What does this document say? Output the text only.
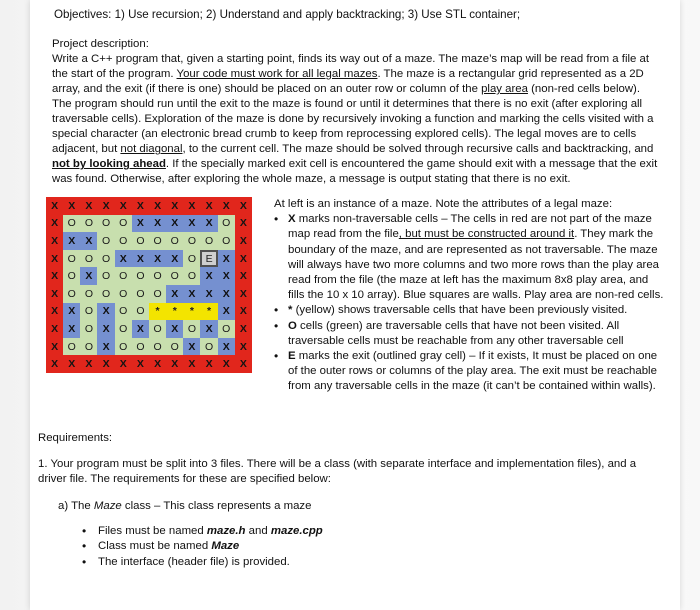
Objectives: 1) Use recursion; 2) Understand and apply backtracking; 3) Use STL container;
Project description:
Write a C++ program that, given a starting point, finds its way out of a maze. The maze’s map will be read from a file at
the start of the program. Your code must work for all legal mazes. The maze is a rectangular grid represented as a 2D
array, and the exit (if there is one) should be placed on an outer row or column of the play area (non-red cells below).
The program should run until the exit to the maze is found or until it determines that there is no exit (after exploring all
traversable cells). Exploration of the maze is done by recursively invoking a function and marking the cells visited with a
special character (an electronic bread crumb to keep from reprocessing explored cells). The legal moves are to cells
adjacent, but not diagonal, to the current cell. The maze should be solved through recursive calls and backtracking, and
not by looking ahead. If the specially marked exit cell is encountered the game should exit with a message that the exit
was found. Otherwise, after exploring the whole maze, a message is output stating that there is no exit.
X X X X X X X X X X X X
X O O O O X X X X X O X
X X X O O O O O O O O X
X O O O X X X X O E X X
X O X O O O O O O X X X
X O O O O O O X X X X X
X X O X O O	*	*	*	*	X X
X X O X O X O X O X O X
X O O X O O O O X O X X
X X X X X X X X X X X X
At left is an instance of a maze. Note the attributes of a legal maze:
• X marks non-traversable cells – The cells in red are not part of the maze
map read from the file, but must be constructed around it. They mark the
boundary of the maze, and are represented as not traversable. The maze
will always have two more columns and two more rows than the play area
read from the file (the maze at left has the maximum 8x8 play area, and
fills the 10 x 10 array). Blue squares are walls. Play area are non-red cells.
• * (yellow) shows traversable cells that have been previously visited.
• O cells (green) are traversable cells that have not been visited. All
traversable cells must be reachable from any other traversable cell
• E marks the exit (outlined gray cell) – If it exists, It must be placed on one
of the outer rows or columns of the play area. The exit must be reachable
from any traversable cells in the maze (it can’t be contained within walls).
Requirements:
1. Your program must be split into 3 files. There will be a class (with separate interface and implementation files), and a
driver file. The requirements for these are specified below:
a) The Maze class – This class represents a maze
• Files must be named maze.h and maze.cpp
• Class must be named Maze
• The interface (header file) is provided.
